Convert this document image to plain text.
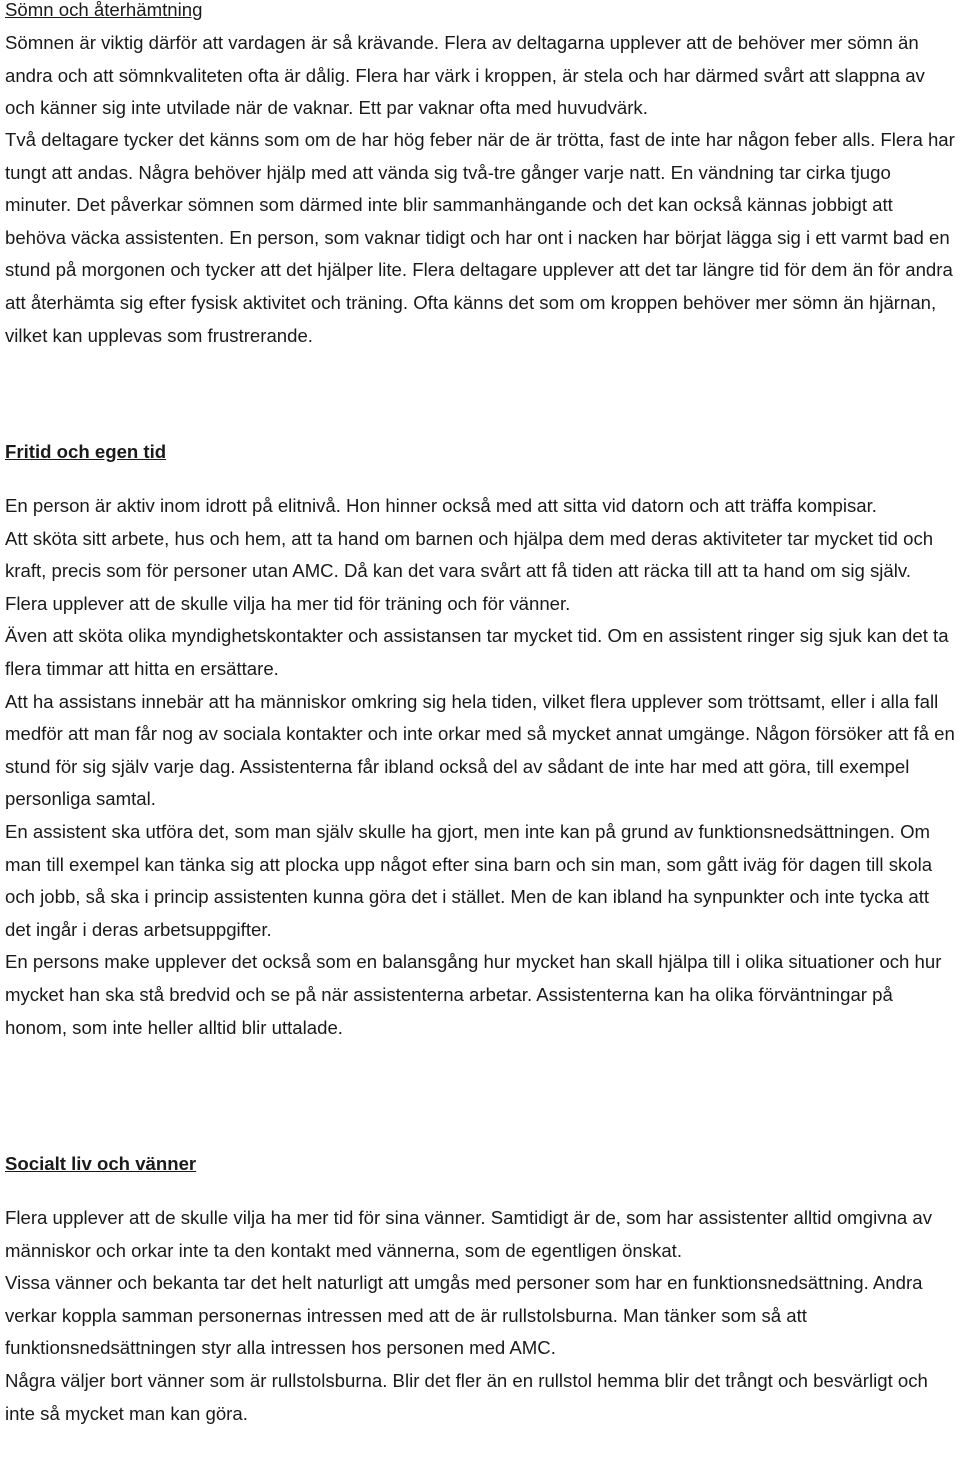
Sömn och återhämtning

Sömnen är viktig därför att vardagen är så krävande. Flera av deltagarna upplever att de behöver mer sömn än andra och att sömnkvaliteten ofta är dålig. Flera har värk i kroppen, är stela och har därmed svårt att slappna av och känner sig inte utvilade när de vaknar. Ett par vaknar ofta med huvudvärk.

Två deltagare tycker det känns som om de har hög feber när de är trötta, fast de inte har någon feber alls. Flera har tungt att andas. Några behöver hjälp med att vända sig två-tre gånger varje natt. En vändning tar cirka tjugo minuter. Det påverkar sömnen som därmed inte blir sammanhängande och det kan också kännas jobbigt att behöva väcka assistenten. En person, som vaknar tidigt och har ont i nacken har börjat lägga sig i ett varmt bad en stund på morgonen och tycker att det hjälper lite. Flera deltagare upplever att det tar längre tid för dem än för andra att återhämta sig efter fysisk aktivitet och träning. Ofta känns det som om kroppen behöver mer sömn än hjärnan, vilket kan upplevas som frustrerande.

Fritid och egen tid

En person är aktiv inom idrott på elitnivå. Hon hinner också med att sitta vid datorn och att träffa kompisar.

Att sköta sitt arbete, hus och hem, att ta hand om barnen och hjälpa dem med deras aktiviteter tar mycket tid och kraft, precis som för personer utan AMC. Då kan det vara svårt att få tiden att räcka till att ta hand om sig själv. Flera upplever att de skulle vilja ha mer tid för träning och för vänner.

Även att sköta olika myndighetskontakter och assistansen tar mycket tid. Om en assistent ringer sig sjuk kan det ta flera timmar att hitta en ersättare.

Att ha assistans innebär att ha människor omkring sig hela tiden, vilket flera upplever som tröttsamt, eller i alla fall medför att man får nog av sociala kontakter och inte orkar med så mycket annat umgänge. Någon försöker att få en stund för sig själv varje dag. Assistenterna får ibland också del av sådant de inte har med att göra, till exempel personliga samtal.

En assistent ska utföra det, som man själv skulle ha gjort, men inte kan på grund av funktionsnedsättningen. Om man till exempel kan tänka sig att plocka upp något efter sina barn och sin man, som gått iväg för dagen till skola och jobb, så ska i princip assistenten kunna göra det i stället. Men de kan ibland ha synpunkter och inte tycka att det ingår i deras arbetsuppgifter.

En persons make upplever det också som en balansgång hur mycket han skall hjälpa till i olika situationer och hur mycket han ska stå bredvid och se på när assistenterna arbetar. Assistenterna kan ha olika förväntningar på honom, som inte heller alltid blir uttalade.

Socialt liv och vänner

Flera upplever att de skulle vilja ha mer tid för sina vänner. Samtidigt är de, som har assistenter alltid omgivna av människor och orkar inte ta den kontakt med vännerna, som de egentligen önskat.

Vissa vänner och bekanta tar det helt naturligt att umgås med personer som har en funktionsnedsättning. Andra verkar koppla samman personernas intressen med att de är rullstolsburna. Man tänker som så att funktionsnedsättningen styr alla intressen hos personen med AMC.

Några väljer bort vänner som är rullstolsburna. Blir det fler än en rullstol hemma blir det trångt och besvärligt och inte så mycket man kan göra.
